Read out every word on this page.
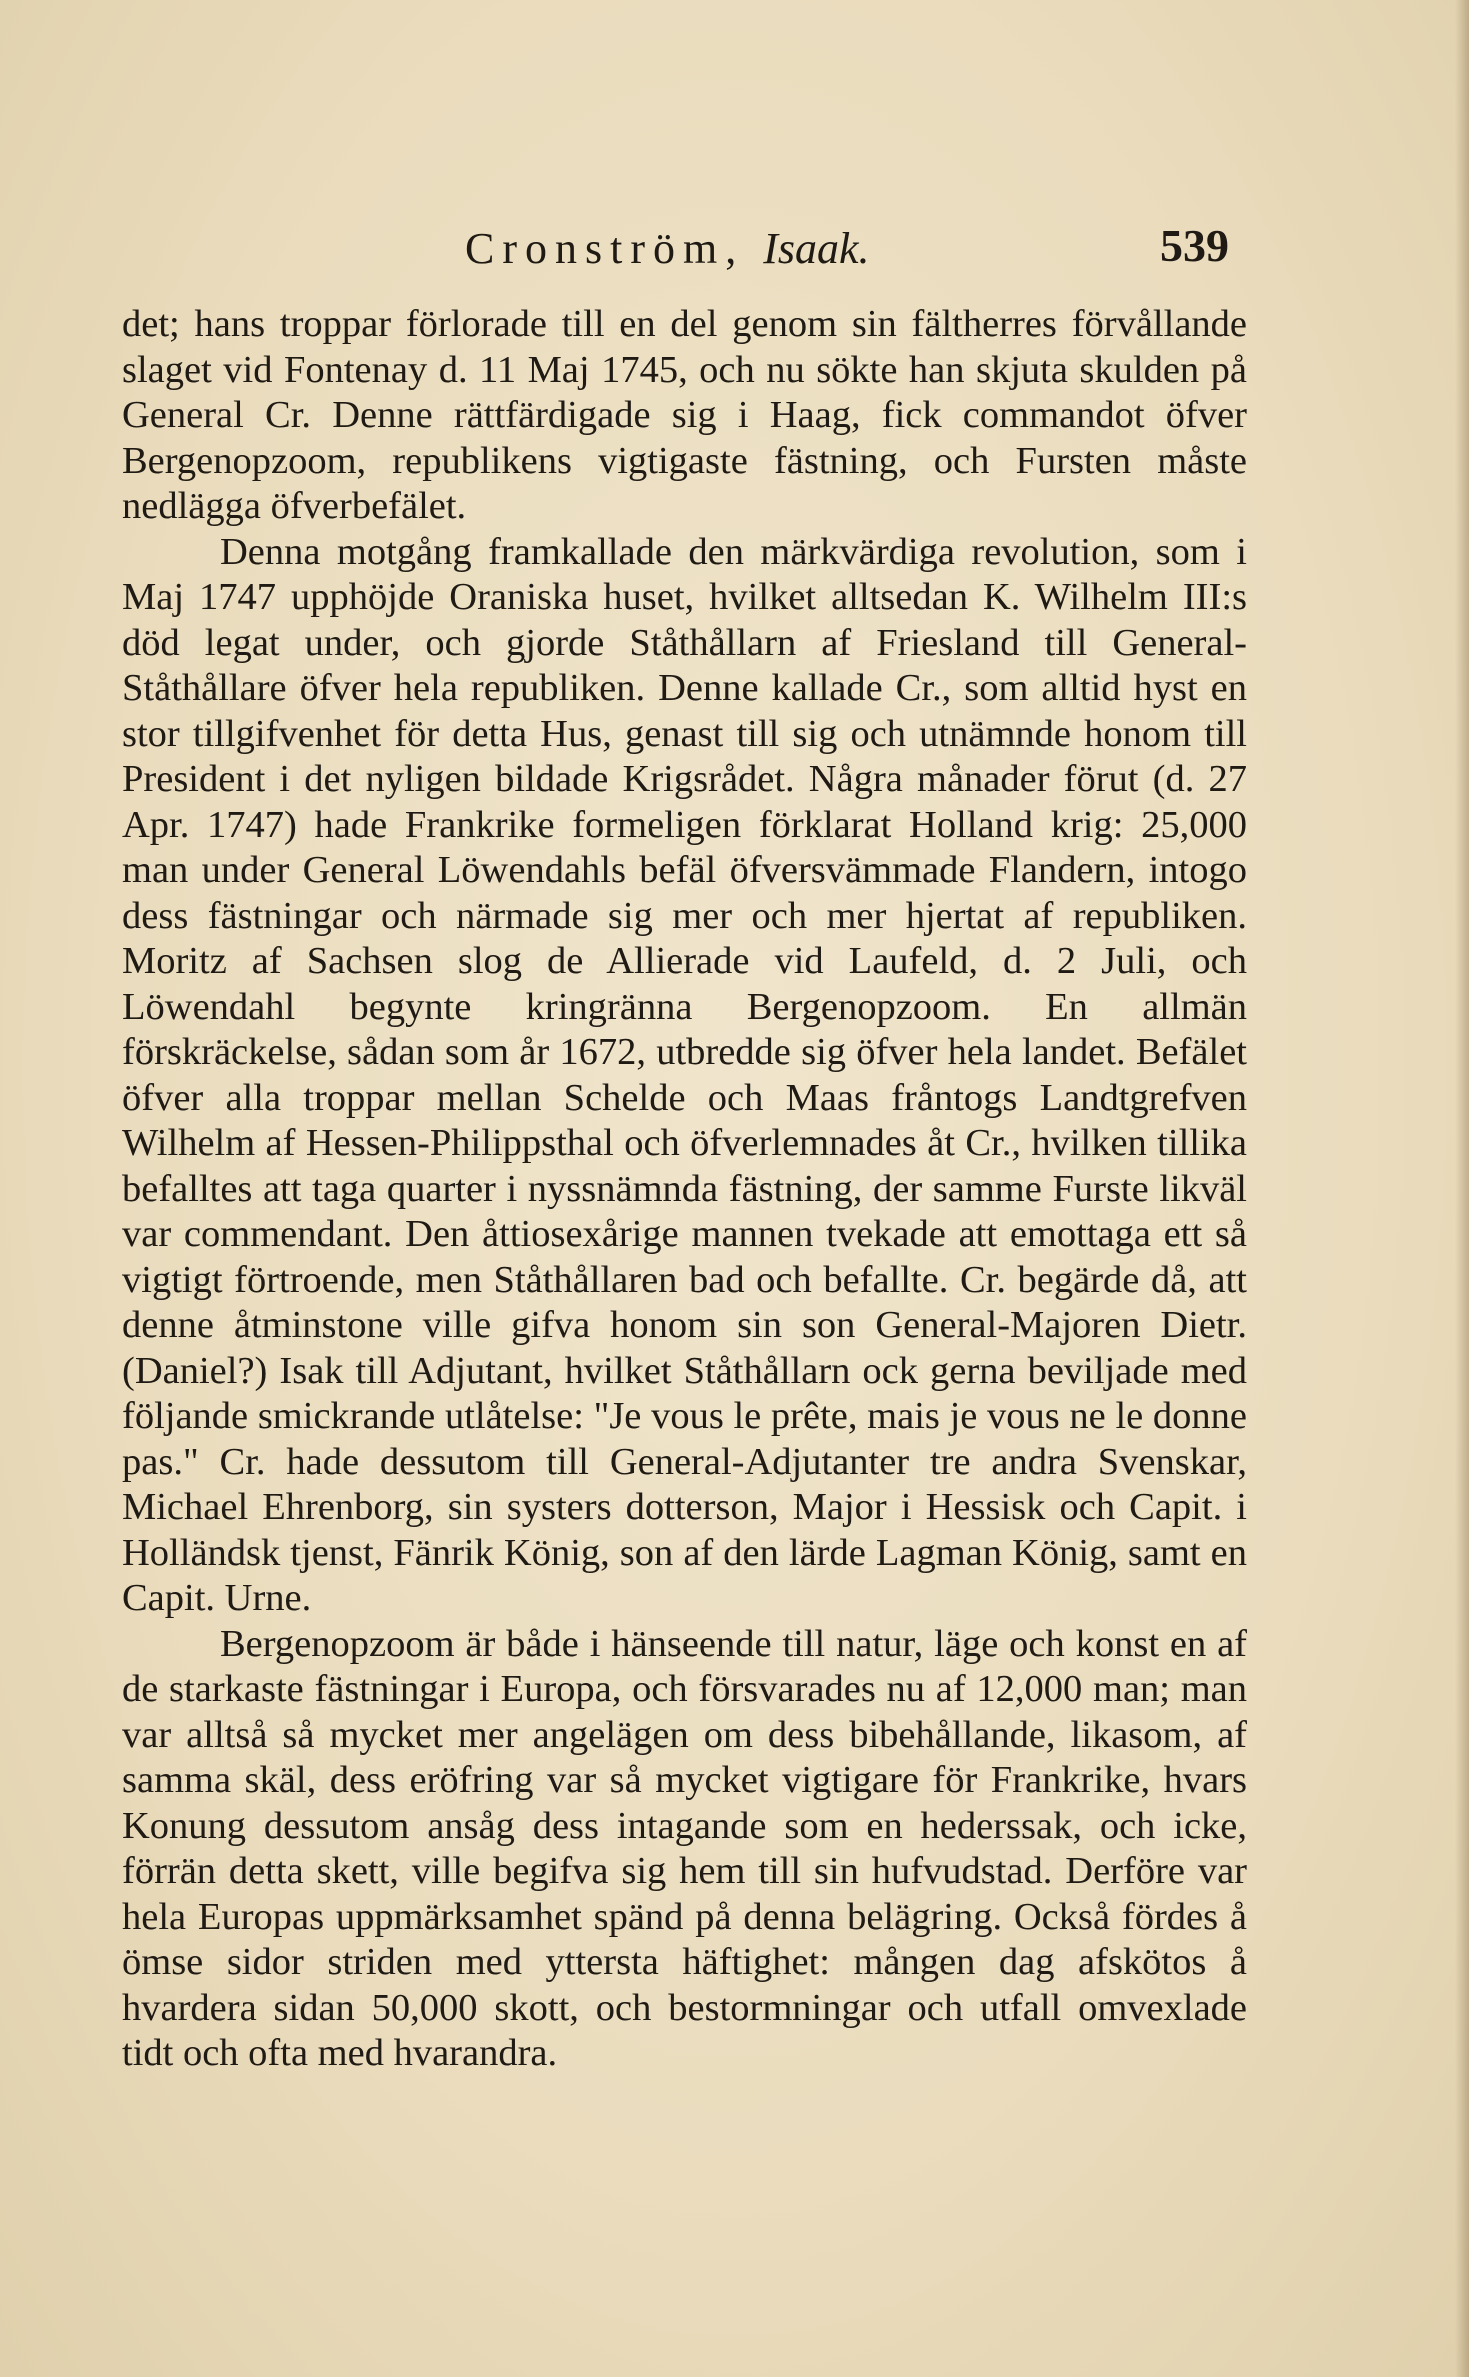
Cronström, Isaak.	539

det; hans troppar förlorade till en del genom sin fältherres förvållande slaget vid Fontenay d. 11 Maj 1745, och nu sökte han skjuta skulden på General Cr. Denne rättfärdigade sig i Haag, fick commandot öfver Bergenopzoom, republikens vigtigaste fästning, och Fursten måste nedlägga öfverbefälet.

Denna motgång framkallade den märkvärdiga revolution, som i Maj 1747 upphöjde Oraniska huset, hvilket alltsedan K. Wilhelm III:s död legat under, och gjorde Ståthållarn af Friesland till General-Ståthållare öfver hela republiken. Denne kallade Cr., som alltid hyst en stor tillgifvenhet för detta Hus, genast till sig och utnämnde honom till President i det nyligen bildade Krigsrådet. Några månader förut (d. 27 Apr. 1747) hade Frankrike formeligen förklarat Holland krig: 25,000 man under General Löwendahls befäl öfversvämmade Flandern, intogo dess fästningar och närmade sig mer och mer hjertat af republiken. Moritz af Sachsen slog de Allierade vid Laufeld, d. 2 Juli, och Löwendahl begynte kringränna Bergenopzoom. En allmän förskräckelse, sådan som år 1672, utbredde sig öfver hela landet. Befälet öfver alla troppar mellan Schelde och Maas fråntogs Landtgrefven Wilhelm af Hessen-Philippsthal och öfverlemnades åt Cr., hvilken tillika befalltes att taga quarter i nyssnämnda fästning, der samme Furste likväl var commendant. Den åttiosexårige mannen tvekade att emottaga ett så vigtigt förtroende, men Ståthållaren bad och befallte. Cr. begärde då, att denne åtminstone ville gifva honom sin son General-Majoren Dietr. (Daniel?) Isak till Adjutant, hvilket Ståthållarn ock gerna beviljade med följande smickrande utlåtelse: "Je vous le prête, mais je vous ne le donne pas." Cr. hade dessutom till General-Adjutanter tre andra Svenskar, Michael Ehrenborg, sin systers dotterson, Major i Hessisk och Capit. i Holländsk tjenst, Fänrik König, son af den lärde Lagman König, samt en Capit. Urne.

Bergenopzoom är både i hänseende till natur, läge och konst en af de starkaste fästningar i Europa, och försvarades nu af 12,000 man; man var alltså så mycket mer angelägen om dess bibehållande, likasom, af samma skäl, dess eröfring var så mycket vigtigare för Frankrike, hvars Konung dessutom ansåg dess intagande som en hederssak, och icke, förrän detta skett, ville begifva sig hem till sin hufvudstad. Derföre var hela Europas uppmärksamhet spänd på denna belägring. Också fördes å ömse sidor striden med yttersta häftighet: mången dag afskötos å hvardera sidan 50,000 skott, och bestormningar och utfall omvexlade tidt och ofta med hvarandra.
